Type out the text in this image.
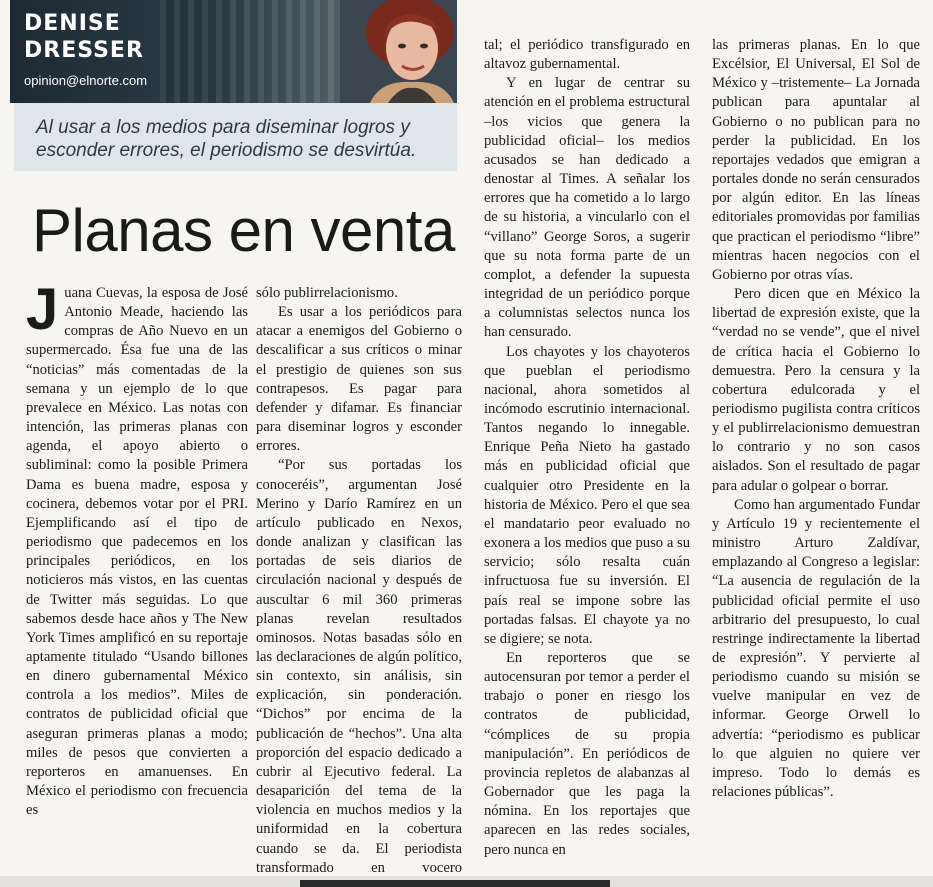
DENISE DRESSER
opinion@elnorte.com
Al usar a los medios para diseminar logros y esconder errores, el periodismo se desvirtúa.
Planas en venta

Juana Cuevas, la esposa de José Antonio Meade, haciendo las compras de Año Nuevo en un supermercado. Ésa fue una de las “noticias” más comentadas de la semana y un ejemplo de lo que prevalece en México. Las notas con intención, las primeras planas con agenda, el apoyo abierto o subliminal: como la posible Primera Dama es buena madre, esposa y cocinera, debemos votar por el PRI. Ejemplificando así el tipo de periodismo que padecemos en los principales periódicos, en los noticieros más vistos, en las cuentas de Twitter más seguidas. Lo que sabemos desde hace años y The New York Times amplificó en su reportaje aptamente titulado “Usando billones en dinero gubernamental México controla a los medios”. Miles de contratos de publicidad oficial que aseguran primeras planas a modo; miles de pesos que convierten a reporteros en amanuenses. En México el periodismo con frecuencia es

sólo publirrelacionismo.

Es usar a los periódicos para atacar a enemigos del Gobierno o descalificar a sus críticos o minar el prestigio de quienes son sus contrapesos. Es pagar para defender y difamar. Es financiar para diseminar logros y esconder errores.

“Por sus portadas los conoceréis”, argumentan José Merino y Darío Ramírez en un artículo publicado en Nexos, donde analizan y clasifican las portadas de seis diarios de circulación nacional y después de auscultar 6 mil 360 primeras planas revelan resultados ominosos. Notas basadas sólo en las declaraciones de algún político, sin contexto, sin análisis, sin explicación, sin ponderación. “Dichos” por encima de la publicación de “hechos”. Una alta proporción del espacio dedicado a cubrir al Ejecutivo federal. La desaparición del tema de la violencia en muchos medios y la uniformidad en la cobertura cuando se da. El periodista transformado en vocero

tal; el periódico transfigurado en altavoz gubernamental.

Y en lugar de centrar su atención en el problema estructural –los vicios que genera la publicidad oficial– los medios acusados se han dedicado a denostar al Times. A señalar los errores que ha cometido a lo largo de su historia, a vincularlo con el “villano” George Soros, a sugerir que su nota forma parte de un complot, a defender la supuesta integridad de un periódico porque a columnistas selectos nunca los han censurado.

Los chayotes y los chayoteros que pueblan el periodismo nacional, ahora sometidos al incómodo escrutinio internacional. Tantos negando lo innegable. Enrique Peña Nieto ha gastado más en publicidad oficial que cualquier otro Presidente en la historia de México. Pero el que sea el mandatario peor evaluado no exonera a los medios que puso a su servicio; sólo resalta cuán infructuosa fue su inversión. El país real se impone sobre las portadas falsas. El chayote ya no se digiere; se nota.

En reporteros que se autocensuran por temor a perder el trabajo o poner en riesgo los contratos de publicidad, “cómplices de su propia manipulación”. En periódicos de provincia repletos de alabanzas al Gobernador que les paga la nómina. En los reportajes que aparecen en las redes sociales, pero nunca en

las primeras planas. En lo que Excélsior, El Universal, El Sol de México y –tristemente– La Jornada publican para apuntalar al Gobierno o no publican para no perder la publicidad. En los reportajes vedados que emigran a portales donde no serán censurados por algún editor. En las líneas editoriales promovidas por familias que practican el periodismo “libre” mientras hacen negocios con el Gobierno por otras vías.

Pero dicen que en México la libertad de expresión existe, que la “verdad no se vende”, que el nivel de crítica hacia el Gobierno lo demuestra. Pero la censura y la cobertura edulcorada y el periodismo pugilista contra críticos y el publirrelacionismo demuestran lo contrario y no son casos aislados. Son el resultado de pagar para adular o golpear o borrar.

Como han argumentado Fundar y Artículo 19 y recientemente el ministro Arturo Zaldívar, emplazando al Congreso a legislar: “La ausencia de regulación de la publicidad oficial permite el uso arbitrario del presupuesto, lo cual restringe indirectamente la libertad de expresión”. Y pervierte al periodismo cuando su misión se vuelve manipular en vez de informar. George Orwell lo advertía: “periodismo es publicar lo que alguien no quiere ver impreso. Todo lo demás es relaciones públicas”.
